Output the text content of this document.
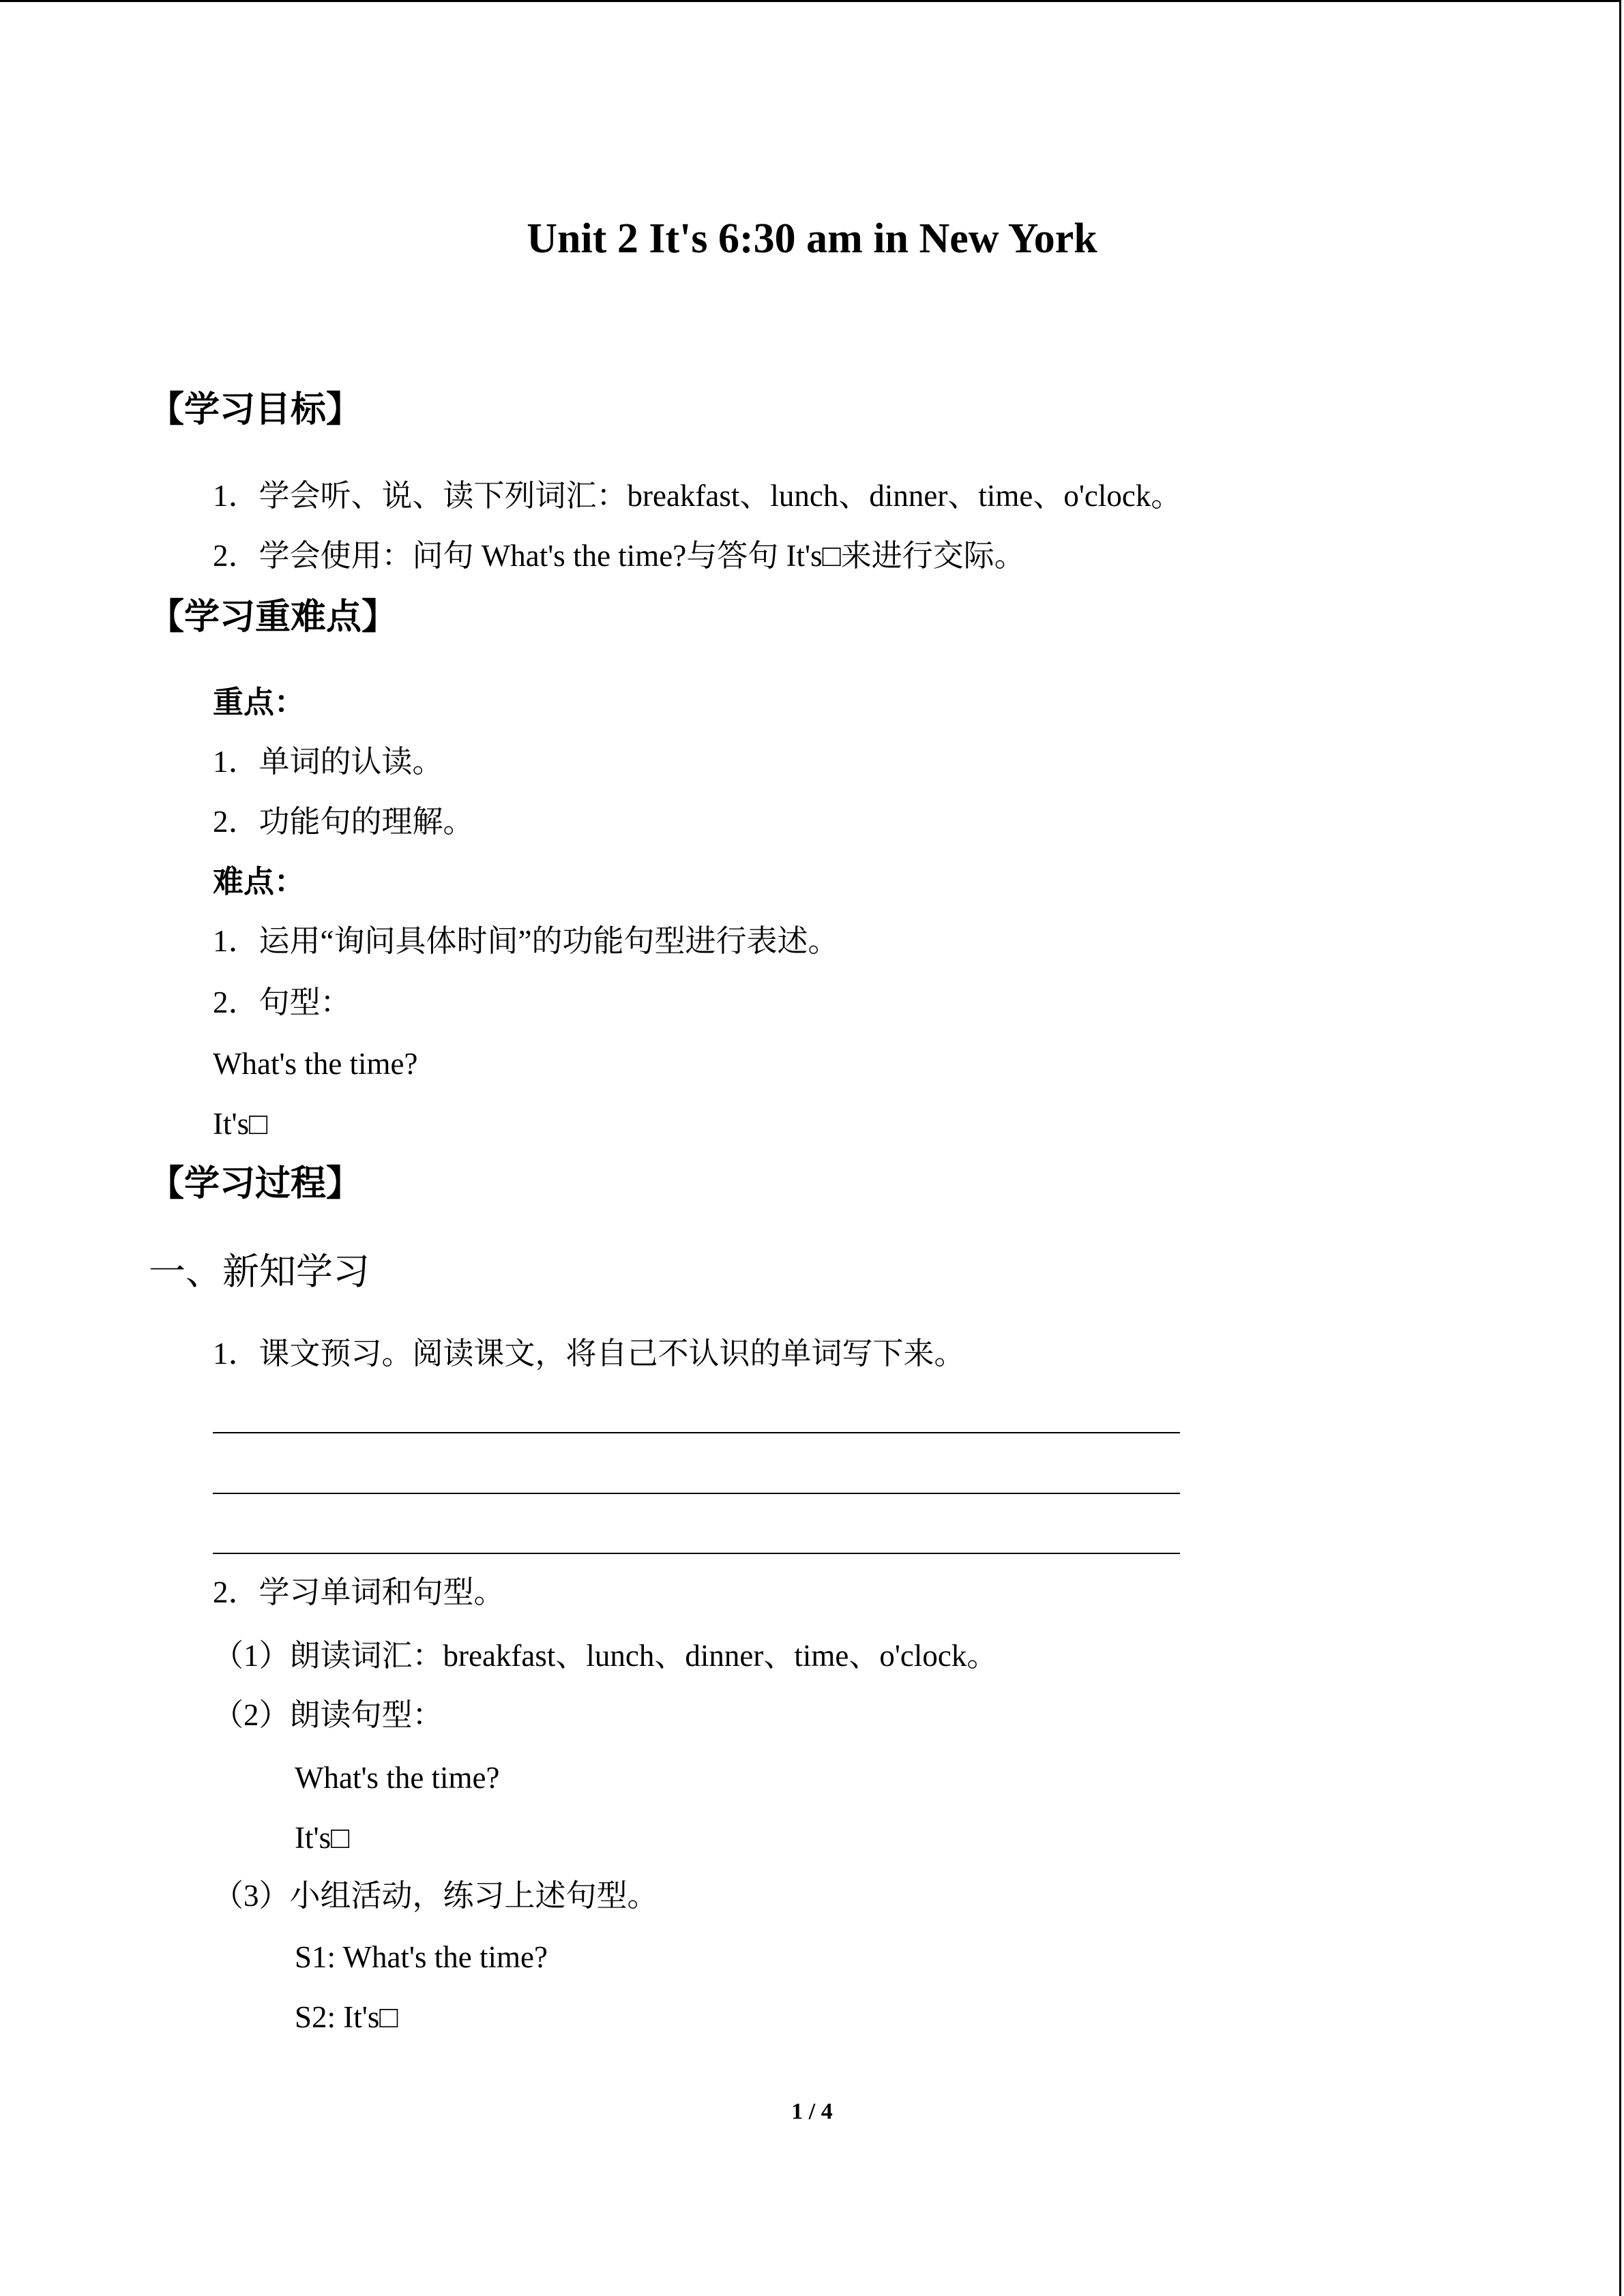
Unit 2 It's 6:30 am in New York
【学习目标】
1．学会听、说、读下列词汇：breakfast、lunch、dinner、time、o'clock。
2．学会使用：问句 What's the time?与答句 It's□来进行交际。
【学习重难点】
重点：
1．单词的认读。
2．功能句的理解。
难点：
1．运用“询问具体时间”的功能句型进行表述。
2．句型：
What's the time?
It's□
【学习过程】
一、新知学习
1．课文预习。阅读课文，将自己不认识的单词写下来。
2．学习单词和句型。
（1）朗读词汇：breakfast、lunch、dinner、time、o'clock。
（2）朗读句型：
What's the time?
It's□
（3）小组活动，练习上述句型。
S1: What's the time?
S2: It's□
1 / 4
